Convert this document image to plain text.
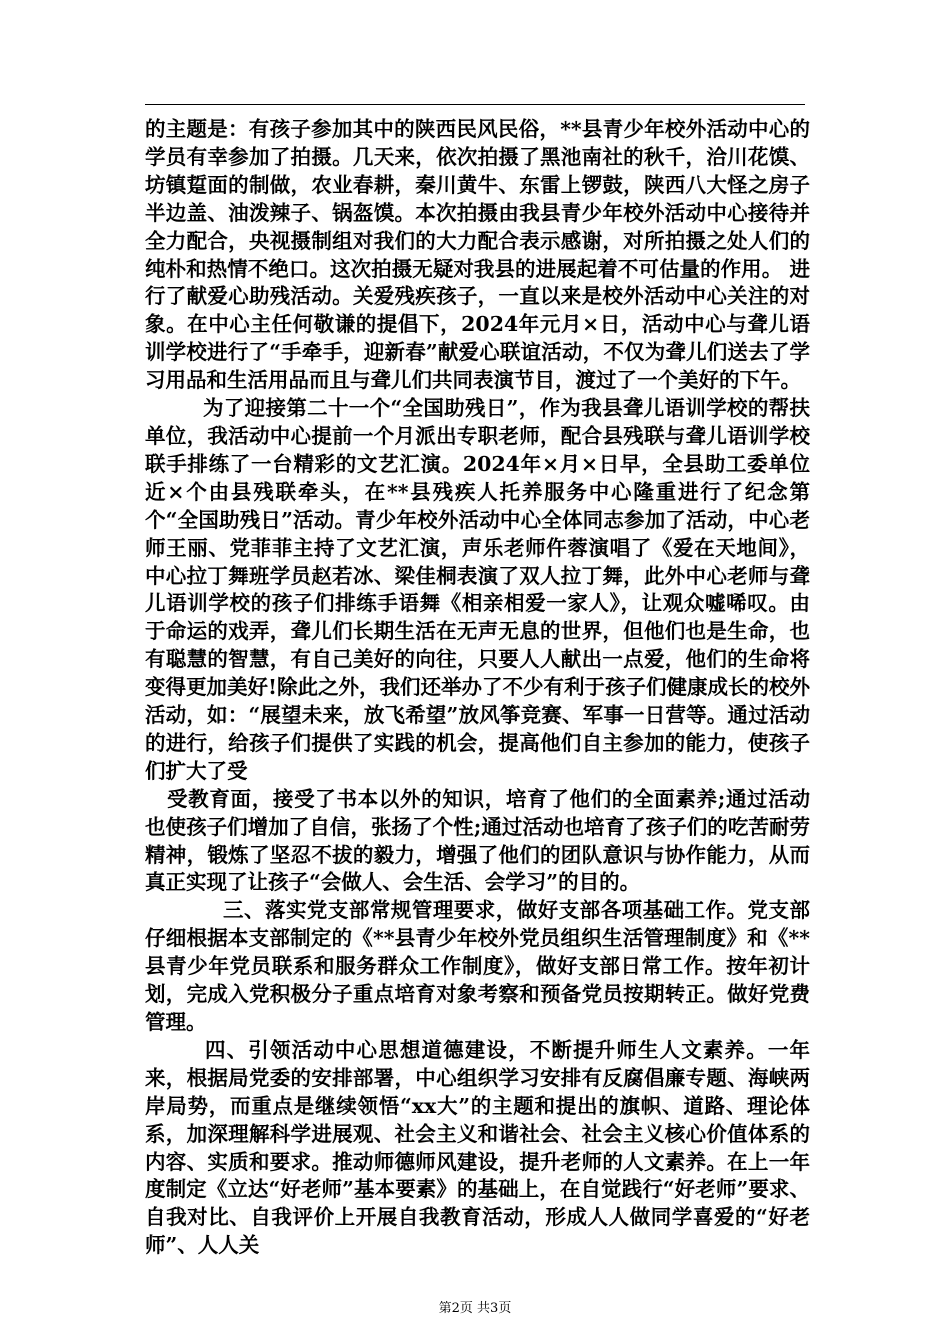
的主题是：有孩子参加其中的陕西民风民俗，**县青少年校外活动中心的学员有幸参加了拍摄。几天来，依次拍摄了黑池南社的秋千，洽川花馍、坊镇踅面的制做，农业春耕，秦川黄牛、东雷上锣鼓，陕西八大怪之房子半边盖、油泼辣子、锅盔馍。本次拍摄由我县青少年校外活动中心接待并全力配合，央视摄制组对我们的大力配合表示感谢，对所拍摄之处人们的纯朴和热情不绝口。这次拍摄无疑对我县的进展起着不可估量的作用。 进行了献爱心助残活动。关爱残疾孩子，一直以来是校外活动中心关注的对象。在中心主任何敬谦的提倡下，2024年元月×日，活动中心与聋儿语训学校进行了“手牵手，迎新春”献爱心联谊活动，不仅为聋儿们送去了学习用品和生活用品而且与聋儿们共同表演节目，渡过了一个美好的下午。

为了迎接第二十一个“全国助残日”，作为我县聋儿语训学校的帮扶单位，我活动中心提前一个月派出专职老师，配合县残联与聋儿语训学校联手排练了一台精彩的文艺汇演。2024年×月×日早，全县助工委单位近×个由县残联牵头，在**县残疾人托养服务中心隆重进行了纪念第个“全国助残日”活动。青少年校外活动中心全体同志参加了活动，中心老师王丽、党菲菲主持了文艺汇演，声乐老师仵蓉演唱了《爱在天地间》，中心拉丁舞班学员赵若冰、梁佳桐表演了双人拉丁舞，此外中心老师与聋儿语训学校的孩子们排练手语舞《相亲相爱一家人》，让观众嘘唏叹。由于命运的戏弄，聋儿们长期生活在无声无息的世界，但他们也是生命，也有聪慧的智慧，有自己美好的向往，只要人人献出一点爱，他们的生命将变得更加美好!除此之外，我们还举办了不少有利于孩子们健康成长的校外活动，如：“展望未来，放飞希望”放风筝竞赛、军事一日营等。通过活动的进行，给孩子们提供了实践的机会，提高他们自主参加的能力，使孩子们扩大了受

受教育面，接受了书本以外的知识，培育了他们的全面素养;通过活动也使孩子们增加了自信，张扬了个性;通过活动也培育了孩子们的吃苦耐劳精神，锻炼了坚忍不拔的毅力，增强了他们的团队意识与协作能力，从而真正实现了让孩子“会做人、会生活、会学习”的目的。

三、落实党支部常规管理要求，做好支部各项基础工作。党支部仔细根据本支部制定的《**县青少年校外党员组织生活管理制度》和《**县青少年党员联系和服务群众工作制度》，做好支部日常工作。按年初计划，完成入党积极分子重点培育对象考察和预备党员按期转正。做好党费管理。

四、引领活动中心思想道德建设，不断提升师生人文素养。一年来，根据局党委的安排部署，中心组织学习安排有反腐倡廉专题、海峡两岸局势，而重点是继续领悟“xx大”的主题和提出的旗帜、道路、理论体系，加深理解科学进展观、社会主义和谐社会、社会主义核心价值体系的内容、实质和要求。推动师德师风建设，提升老师的人文素养。在上一年度制定《立达“好老师”基本要素》的基础上，在自觉践行“好老师”要求、自我对比、自我评价上开展自我教育活动，形成人人做同学喜爱的“好老师”、人人关

第2页 共3页
